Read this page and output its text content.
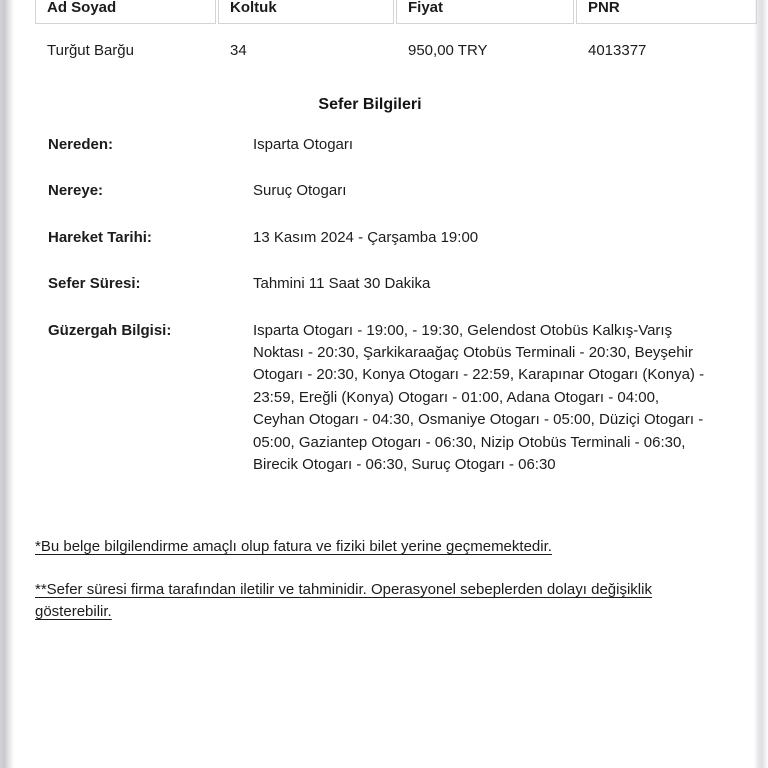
Ad Soyad	Koltuk	Fiyat	PNR
Turğut Barğu	34	950,00 TRY	4013377
Sefer Bilgileri
Nereden:	Isparta Otogarı
Nereye:	Suruç Otogarı
Hareket Tarihi:	13 Kasım 2024 - Çarşamba 19:00
Sefer Süresi:	Tahmini 11 Saat 30 Dakika
Güzergah Bilgisi:	Isparta Otogarı - 19:00, - 19:30, Gelendost Otobüs Kalkış-Varış Noktası - 20:30, Şarkikaraağaç Otobüs Terminali - 20:30, Beyşehir Otogarı - 20:30, Konya Otogarı - 22:59, Karapınar Otogarı (Konya) - 23:59, Ereğli (Konya) Otogarı - 01:00, Adana Otogarı - 04:00, Ceyhan Otogarı - 04:30, Osmaniye Otogarı - 05:00, Düziçi Otogarı - 05:00, Gaziantep Otogarı - 06:30, Nizip Otobüs Terminali - 06:30, Birecik Otogarı - 06:30, Suruç Otogarı - 06:30

*Bu belge bilgilendirme amaçlı olup fatura ve fiziki bilet yerine geçmemektedir.

**Sefer süresi firma tarafından iletilir ve tahminidir. Operasyonel sebeplerden dolayı değişiklik gösterebilir.
